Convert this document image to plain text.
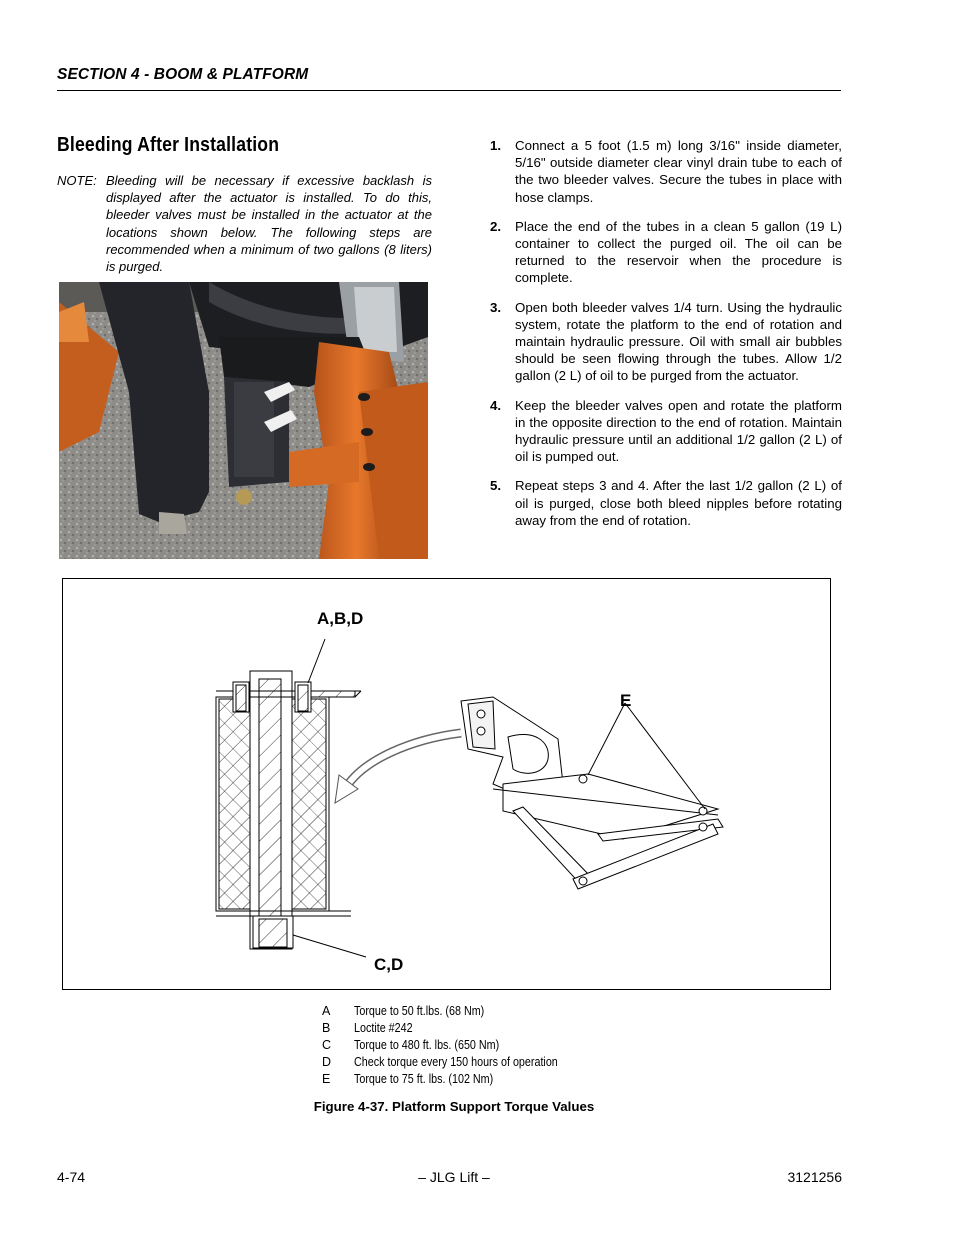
SECTION 4 - BOOM & PLATFORM
Bleeding After Installation
NOTE: Bleeding will be necessary if excessive backlash is displayed after the actuator is installed. To do this, bleeder valves must be installed in the actuator at the locations shown below. The following steps are recommended when a minimum of two gallons (8 liters) is purged.
1. Connect a 5 foot (1.5 m) long 3/16" inside diameter, 5/16" outside diameter clear vinyl drain tube to each of the two bleeder valves. Secure the tubes in place with hose clamps.
2. Place the end of the tubes in a clean 5 gallon (19 L) container to collect the purged oil. The oil can be returned to the reservoir when the procedure is complete.
3. Open both bleeder valves 1/4 turn. Using the hydraulic system, rotate the platform to the end of rotation and maintain hydraulic pressure. Oil with small air bubbles should be seen flowing through the tubes. Allow 1/2 gallon (2 L) of oil to be purged from the actuator.
4. Keep the bleeder valves open and rotate the platform in the opposite direction to the end of rotation. Maintain hydraulic pressure until an additional 1/2 gallon (2 L) of oil is pumped out.
5. Repeat steps 3 and 4. After the last 1/2 gallon (2 L) of oil is purged, close both bleed nipples before rotating away from the end of rotation.
A,B,D
E
C,D
A Torque to 50 ft.lbs. (68 Nm)
B Loctite #242
C Torque to 480 ft. lbs. (650 Nm)
D Check torque every 150 hours of operation
E Torque to 75 ft. lbs. (102 Nm)
Figure 4-37. Platform Support Torque Values
4-74	– JLG Lift –	3121256
